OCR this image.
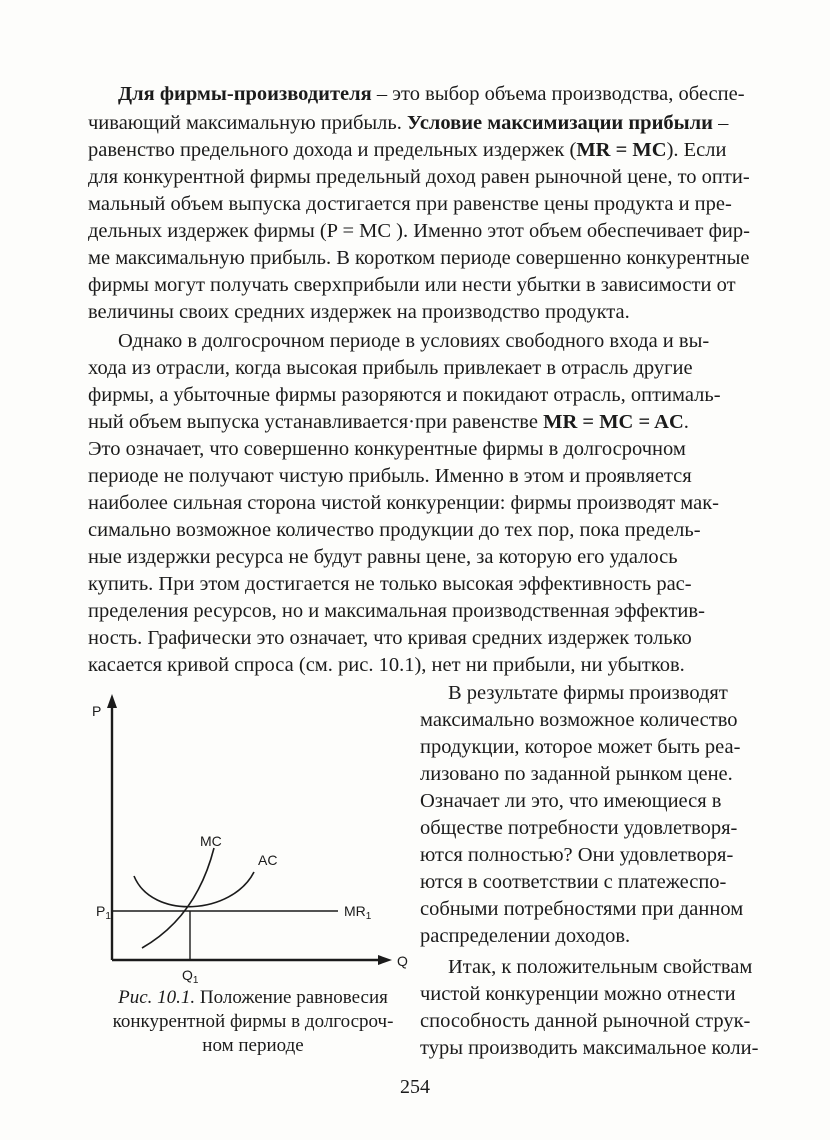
Для фирмы-производителя – это выбор объема производства, обеспе-
чивающий максимальную прибыль. Условие максимизации прибыли –
равенство предельного дохода и предельных издержек (MR = MC). Если
для конкурентной фирмы предельный доход равен рыночной цене, то опти-
мальный объем выпуска достигается при равенстве цены продукта и пре-
дельных издержек фирмы (P = MC ). Именно этот объем обеспечивает фир-
ме максимальную прибыль. В коротком периоде совершенно конкурентные
фирмы могут получать сверхприбыли или нести убытки в зависимости от
величины своих средних издержек на производство продукта.
Однако в долгосрочном периоде в условиях свободного входа и вы-
хода из отрасли, когда высокая прибыль привлекает в отрасль другие
фирмы, а убыточные фирмы разоряются и покидают отрасль, оптималь-
ный объем выпуска устанавливается·при равенстве MR = MC = AC.
Это означает, что совершенно конкурентные фирмы в долгосрочном
периоде не получают чистую прибыль. Именно в этом и проявляется
наиболее сильная сторона чистой конкуренции: фирмы производят мак-
симально возможное количество продукции до тех пор, пока предель-
ные издержки ресурса не будут равны цене, за которую его удалось
купить. При этом достигается не только высокая эффективность рас-
пределения ресурсов, но и максимальная производственная эффектив-
ность. Графически это означает, что кривая средних издержек только
касается кривой спроса (см. рис. 10.1), нет ни прибыли, ни убытков.
В результате фирмы производят
максимально возможное количество
продукции, которое может быть реа-
лизовано по заданной рынком цене.
Означает ли это, что имеющиеся в
обществе потребности удовлетворя-
ются полностью? Они удовлетворя-
ются в соответствии с платежеспо-
собными потребностями при данном
распределении доходов.
Итак, к положительным свойствам
чистой конкуренции можно отнести
способность данной рыночной струк-
туры производить максимальное коли-
P
Q
MC
AC
$MR_1$
$P_1$
$Q_1$
Рис. 10.1. Положение равновесия
конкурентной фирмы в долгосроч-
ном периоде
254
